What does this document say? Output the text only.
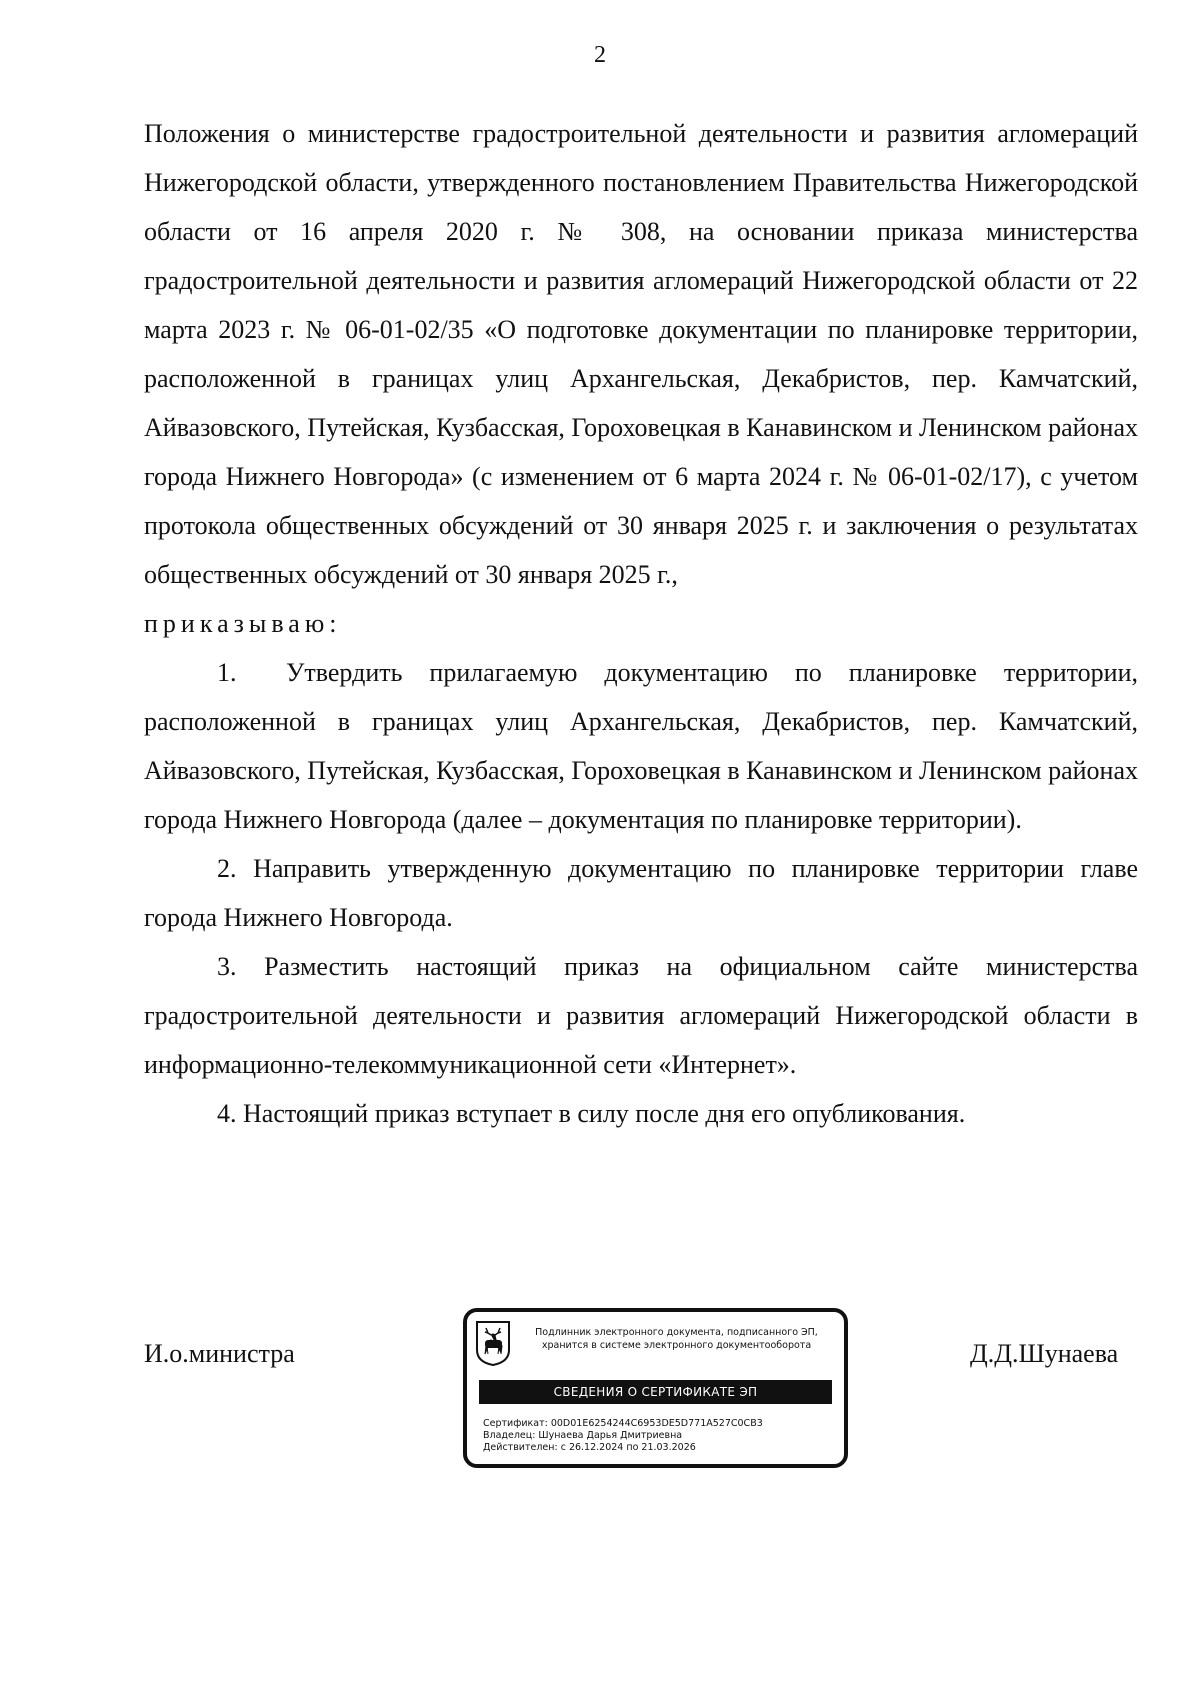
2

Положения о министерстве градостроительной деятельности и развития агломераций Нижегородской области, утвержденного постановлением Правительства Нижегородской области от 16 апреля 2020 г. № 308, на основании приказа министерства градостроительной деятельности и развития агломераций Нижегородской области от 22 марта 2023 г. № 06-01-02/35 «О подготовке документации по планировке территории, расположенной в границах улиц Архангельская, Декабристов, пер. Камчатский, Айвазовского, Путейская, Кузбасская, Гороховецкая в Канавинском и Ленинском районах города Нижнего Новгорода» (с изменением от 6 марта 2024 г. № 06-01-02/17), с учетом протокола общественных обсуждений от 30 января 2025 г. и заключения о результатах общественных обсуждений от 30 января 2025 г.,

приказываю:

1. Утвердить прилагаемую документацию по планировке территории, расположенной в границах улиц Архангельская, Декабристов, пер. Камчатский, Айвазовского, Путейская, Кузбасская, Гороховецкая в Канавинском и Ленинском районах города Нижнего Новгорода (далее – документация по планировке территории).

2. Направить утвержденную документацию по планировке территории главе города Нижнего Новгорода.

3. Разместить настоящий приказ на официальном сайте министерства градостроительной деятельности и развития агломераций Нижегородской области в информационно-телекоммуникационной сети «Интернет».

4. Настоящий приказ вступает в силу после дня его опубликования.

И.о.министра
Подлинник электронного документа, подписанного ЭП,
хранится в системе электронного документооборота
СВЕДЕНИЯ О СЕРТИФИКАТЕ ЭП
Сертификат: 00D01E6254244C6953DE5D771A527C0CB3
Владелец: Шунаева Дарья Дмитриевна
Действителен: с 26.12.2024 по 21.03.2026
Д.Д.Шунаева
